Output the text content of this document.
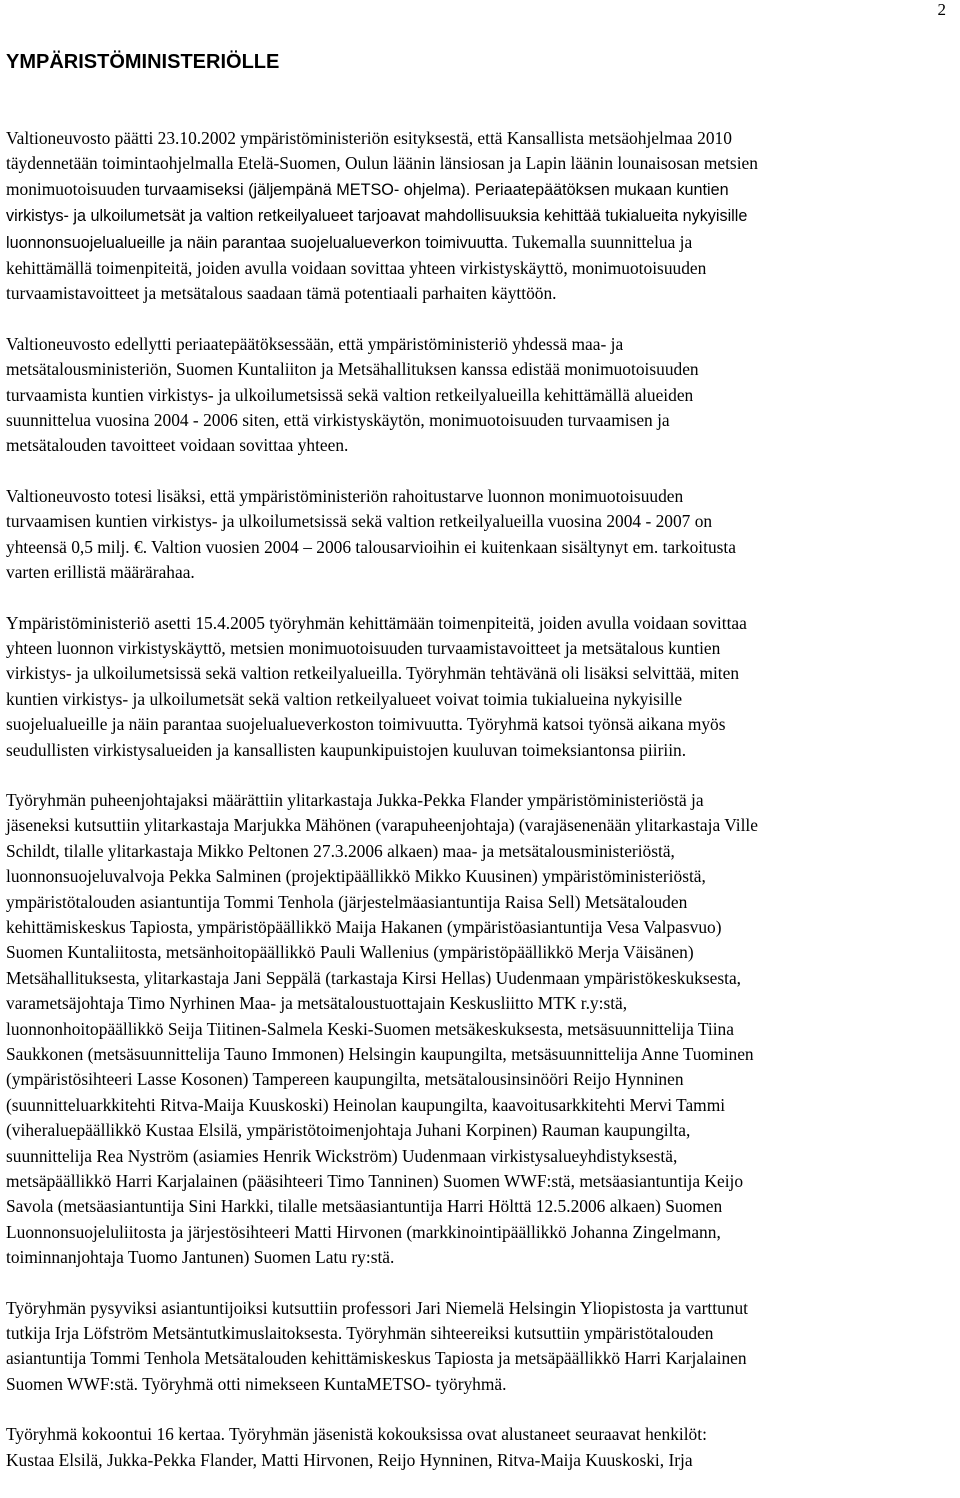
2
YMPÄRISTÖMINISTERIÖLLE

Valtioneuvosto päätti 23.10.2002 ympäristöministeriön esityksestä, että Kansallista metsäohjelmaa 2010
täydennetään toimintaohjelmalla Etelä-Suomen, Oulun läänin länsiosan ja Lapin läänin lounaisosan metsien
monimuotoisuuden turvaamiseksi (jäljempänä METSO- ohjelma). Periaatepäätöksen mukaan kuntien
virkistys- ja ulkoilumetsät ja valtion retkeilyalueet tarjoavat mahdollisuuksia kehittää tukialueita nykyisille
luonnonsuojelualueille ja näin parantaa suojelualueverkon toimivuutta. Tukemalla suunnittelua ja
kehittämällä toimenpiteitä, joiden avulla voidaan sovittaa yhteen virkistyskäyttö, monimuotoisuuden
turvaamistavoitteet ja metsätalous saadaan tämä potentiaali parhaiten käyttöön.

Valtioneuvosto edellytti periaatepäätöksessään, että ympäristöministeriö yhdessä maa- ja
metsätalousministeriön, Suomen Kuntaliiton ja Metsähallituksen kanssa edistää monimuotoisuuden
turvaamista kuntien virkistys- ja ulkoilumetsissä sekä valtion retkeilyalueilla kehittämällä alueiden
suunnittelua vuosina 2004 - 2006 siten, että virkistyskäytön, monimuotoisuuden turvaamisen ja
metsätalouden tavoitteet voidaan sovittaa yhteen.

Valtioneuvosto totesi lisäksi, että ympäristöministeriön rahoitustarve luonnon monimuotoisuuden
turvaamisen kuntien virkistys- ja ulkoilumetsissä sekä valtion retkeilyalueilla vuosina 2004 - 2007 on
yhteensä 0,5 milj. €. Valtion vuosien 2004 – 2006 talousarvioihin ei kuitenkaan sisältynyt em. tarkoitusta
varten erillistä määrärahaa.

Ympäristöministeriö asetti 15.4.2005 työryhmän kehittämään toimenpiteitä, joiden avulla voidaan sovittaa
yhteen luonnon virkistyskäyttö, metsien monimuotoisuuden turvaamistavoitteet ja metsätalous kuntien
virkistys- ja ulkoilumetsissä sekä valtion retkeilyalueilla. Työryhmän tehtävänä oli lisäksi selvittää, miten
kuntien virkistys- ja ulkoilumetsät sekä valtion retkeilyalueet voivat toimia tukialueina nykyisille
suojelualueille ja näin parantaa suojelualueverkoston toimivuutta. Työryhmä katsoi työnsä aikana myös
seudullisten virkistysalueiden ja kansallisten kaupunkipuistojen kuuluvan toimeksiantonsa piiriin.

Työryhmän puheenjohtajaksi määrättiin ylitarkastaja Jukka-Pekka Flander ympäristöministeriöstä ja
jäseneksi kutsuttiin ylitarkastaja Marjukka Mähönen (varapuheenjohtaja) (varajäsenenään ylitarkastaja Ville
Schildt, tilalle ylitarkastaja Mikko Peltonen 27.3.2006 alkaen) maa- ja metsätalousministeriöstä,
luonnonsuojeluvalvoja Pekka Salminen (projektipäällikkö Mikko Kuusinen) ympäristöministeriöstä,
ympäristötalouden asiantuntija Tommi Tenhola (järjestelmäasiantuntija Raisa Sell) Metsätalouden
kehittämiskeskus Tapiosta, ympäristöpäällikkö Maija Hakanen (ympäristöasiantuntija Vesa Valpasvuo)
Suomen Kuntaliitosta, metsänhoitopäällikkö Pauli Wallenius (ympäristöpäällikkö Merja Väisänen)
Metsähallituksesta, ylitarkastaja Jani Seppälä (tarkastaja Kirsi Hellas) Uudenmaan ympäristökeskuksesta,
varametsäjohtaja Timo Nyrhinen Maa- ja metsätaloustuottajain Keskusliitto MTK r.y:stä,
luonnonhoitopäällikkö Seija Tiitinen-Salmela Keski-Suomen metsäkeskuksesta, metsäsuunnittelija Tiina
Saukkonen (metsäsuunnittelija Tauno Immonen) Helsingin kaupungilta, metsäsuunnittelija Anne Tuominen
(ympäristösihteeri Lasse Kosonen) Tampereen kaupungilta, metsätalousinsinööri Reijo Hynninen
(suunnitteluarkkitehti Ritva-Maija Kuuskoski) Heinolan kaupungilta, kaavoitusarkkitehti Mervi Tammi
(viheraluepäällikkö Kustaa Elsilä, ympäristötoimenjohtaja Juhani Korpinen) Rauman kaupungilta,
suunnittelija Rea Nyström (asiamies Henrik Wickström) Uudenmaan virkistysalueyhdistyksestä,
metsäpäällikkö Harri Karjalainen (pääsihteeri Timo Tanninen) Suomen WWF:stä, metsäasiantuntija Keijo
Savola (metsäasiantuntija Sini Harkki, tilalle metsäasiantuntija Harri Hölttä 12.5.2006 alkaen) Suomen
Luonnonsuojeluliitosta ja järjestösihteeri Matti Hirvonen (markkinointipäällikkö Johanna Zingelmann,
toiminnanjohtaja Tuomo Jantunen) Suomen Latu ry:stä.

Työryhmän pysyviksi asiantuntijoiksi kutsuttiin professori Jari Niemelä Helsingin Yliopistosta ja varttunut
tutkija Irja Löfström Metsäntutkimuslaitoksesta. Työryhmän sihteereiksi kutsuttiin ympäristötalouden
asiantuntija Tommi Tenhola Metsätalouden kehittämiskeskus Tapiosta ja metsäpäällikkö Harri Karjalainen
Suomen WWF:stä. Työryhmä otti nimekseen KuntaMETSO- työryhmä.

Työryhmä kokoontui 16 kertaa. Työryhmän jäsenistä kokouksissa ovat alustaneet seuraavat henkilöt:
Kustaa Elsilä, Jukka-Pekka Flander, Matti Hirvonen, Reijo Hynninen, Ritva-Maija Kuuskoski, Irja
